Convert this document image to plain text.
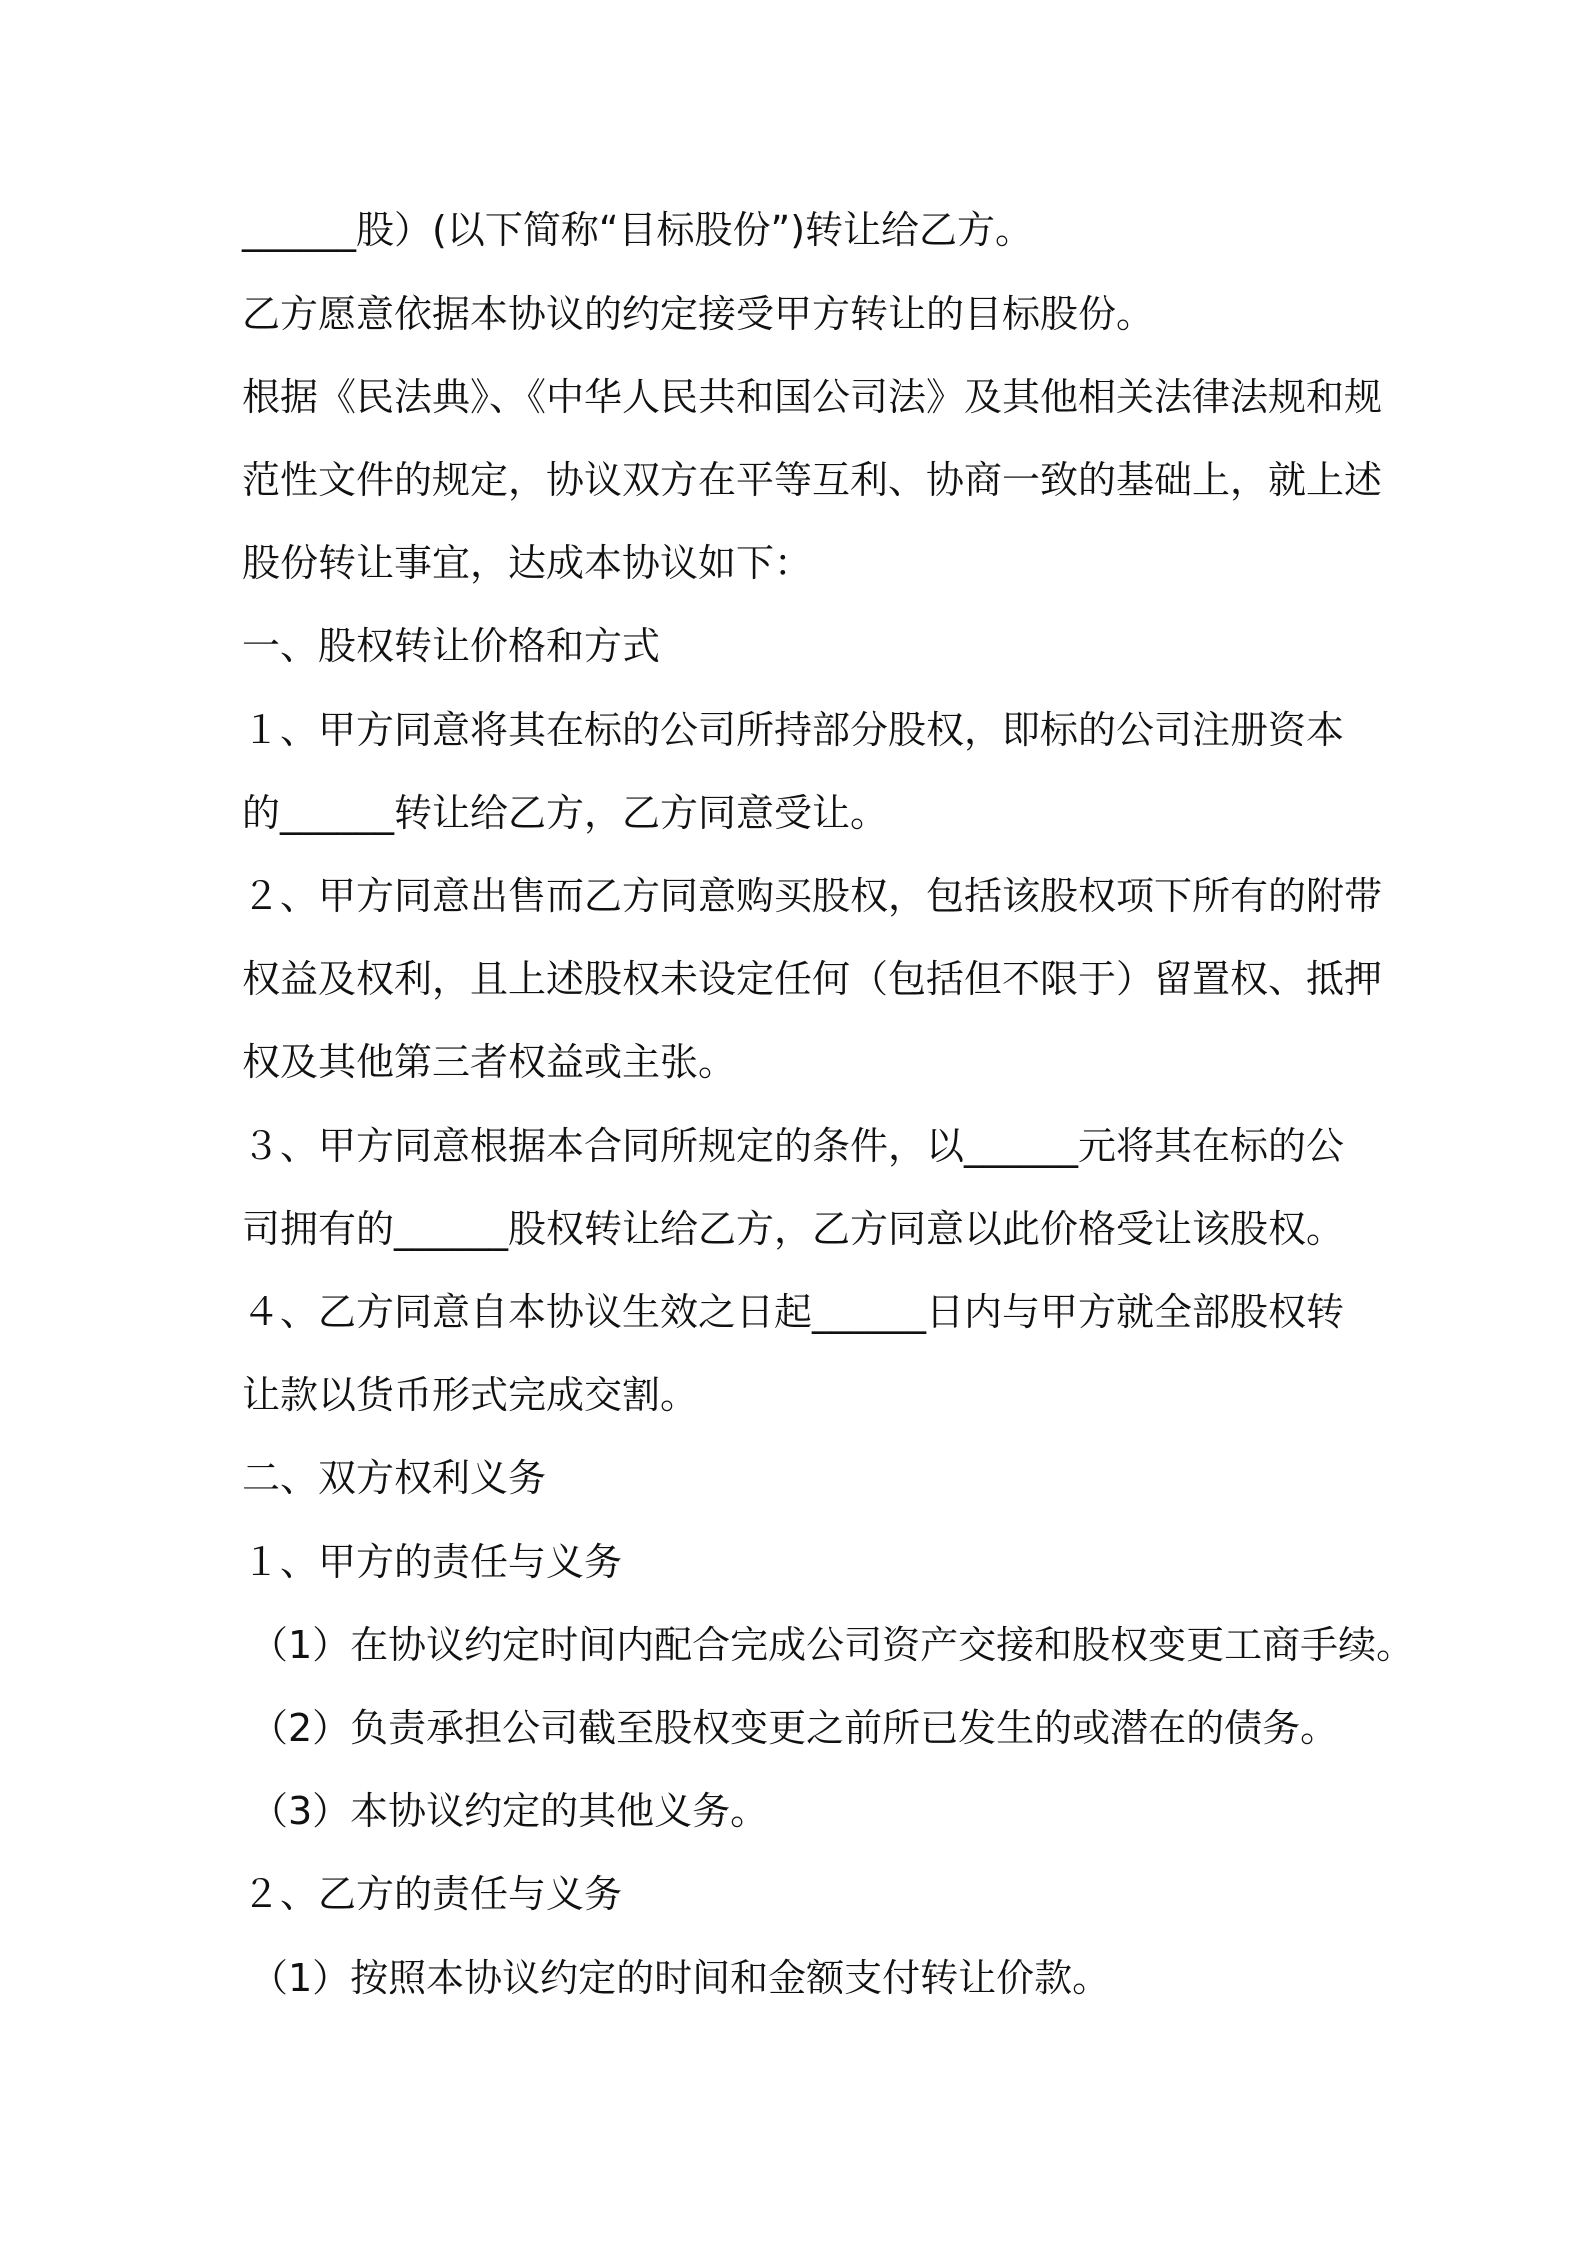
______股）(以下简称“目标股份”)转让给乙方。

乙方愿意依据本协议的约定接受甲方转让的目标股份。

根据《民法典》、《中华人民共和国公司法》及其他相关法律法规和规

范性文件的规定，协议双方在平等互利、协商一致的基础上，就上述

股份转让事宜，达成本协议如下：

一、股权转让价格和方式

１、甲方同意将其在标的公司所持部分股权，即标的公司注册资本

的______转让给乙方，乙方同意受让。

２、甲方同意出售而乙方同意购买股权，包括该股权项下所有的附带

权益及权利，且上述股权未设定任何（包括但不限于）留置权、抵押

权及其他第三者权益或主张。

３、甲方同意根据本合同所规定的条件，以______元将其在标的公

司拥有的______股权转让给乙方，乙方同意以此价格受让该股权。

４、乙方同意自本协议生效之日起______日内与甲方就全部股权转

让款以货币形式完成交割。

二、双方权利义务

１、甲方的责任与义务

（1）在协议约定时间内配合完成公司资产交接和股权变更工商手续。

（2）负责承担公司截至股权变更之前所已发生的或潜在的债务。

（3）本协议约定的其他义务。

２、乙方的责任与义务

（1）按照本协议约定的时间和金额支付转让价款。
